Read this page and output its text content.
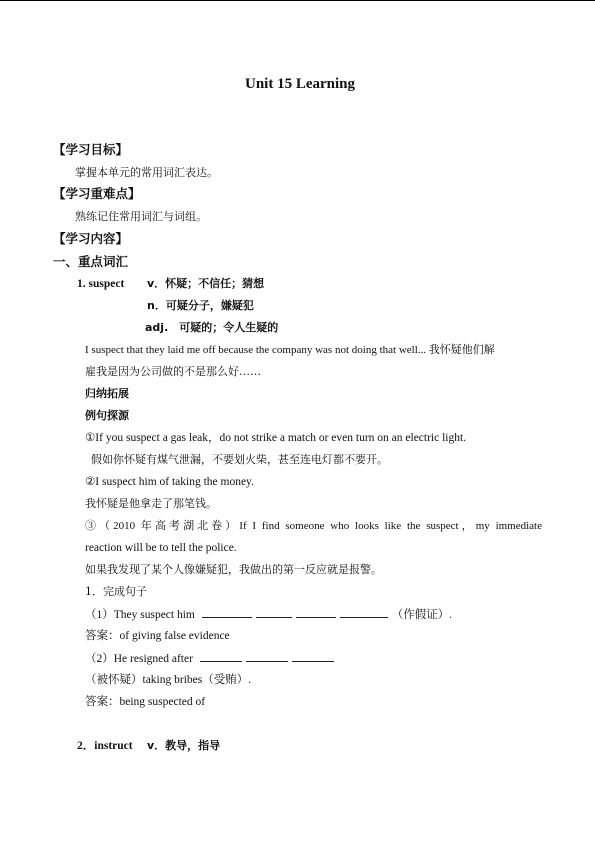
Unit 15 Learning
【学习目标】
掌握本单元的常用词汇表达。
【学习重难点】
熟练记住常用词汇与词组。
【学习内容】
一、重点词汇
1. suspect v．怀疑；不信任；猜想
n．可疑分子，嫌疑犯
adj.　可疑的；令人生疑的
I suspect that they laid me off because the company was not doing that well... 我怀疑他们解
雇我是因为公司做的不是那么好……
归纳拓展
例句探源
①If you suspect a gas leak，do not strike a match or even turn on an electric light.
假如你怀疑有煤气泄漏，不要划火柴，甚至连电灯都不要开。
②I suspect him of taking the money.
我怀疑是他拿走了那笔钱。
③（2010 年高考湖北卷）If I find someone who looks like the suspect，my immediate
reaction will be to tell the police.
如果我发现了某个人像嫌疑犯，我做出的第一反应就是报警。
1．完成句子
（1）They suspect him	（作假证）.
答案：of giving false evidence
（2）He resigned after
（被怀疑）taking bribes（受贿）.
答案：being suspected of
2．instruct v．教导，指导
